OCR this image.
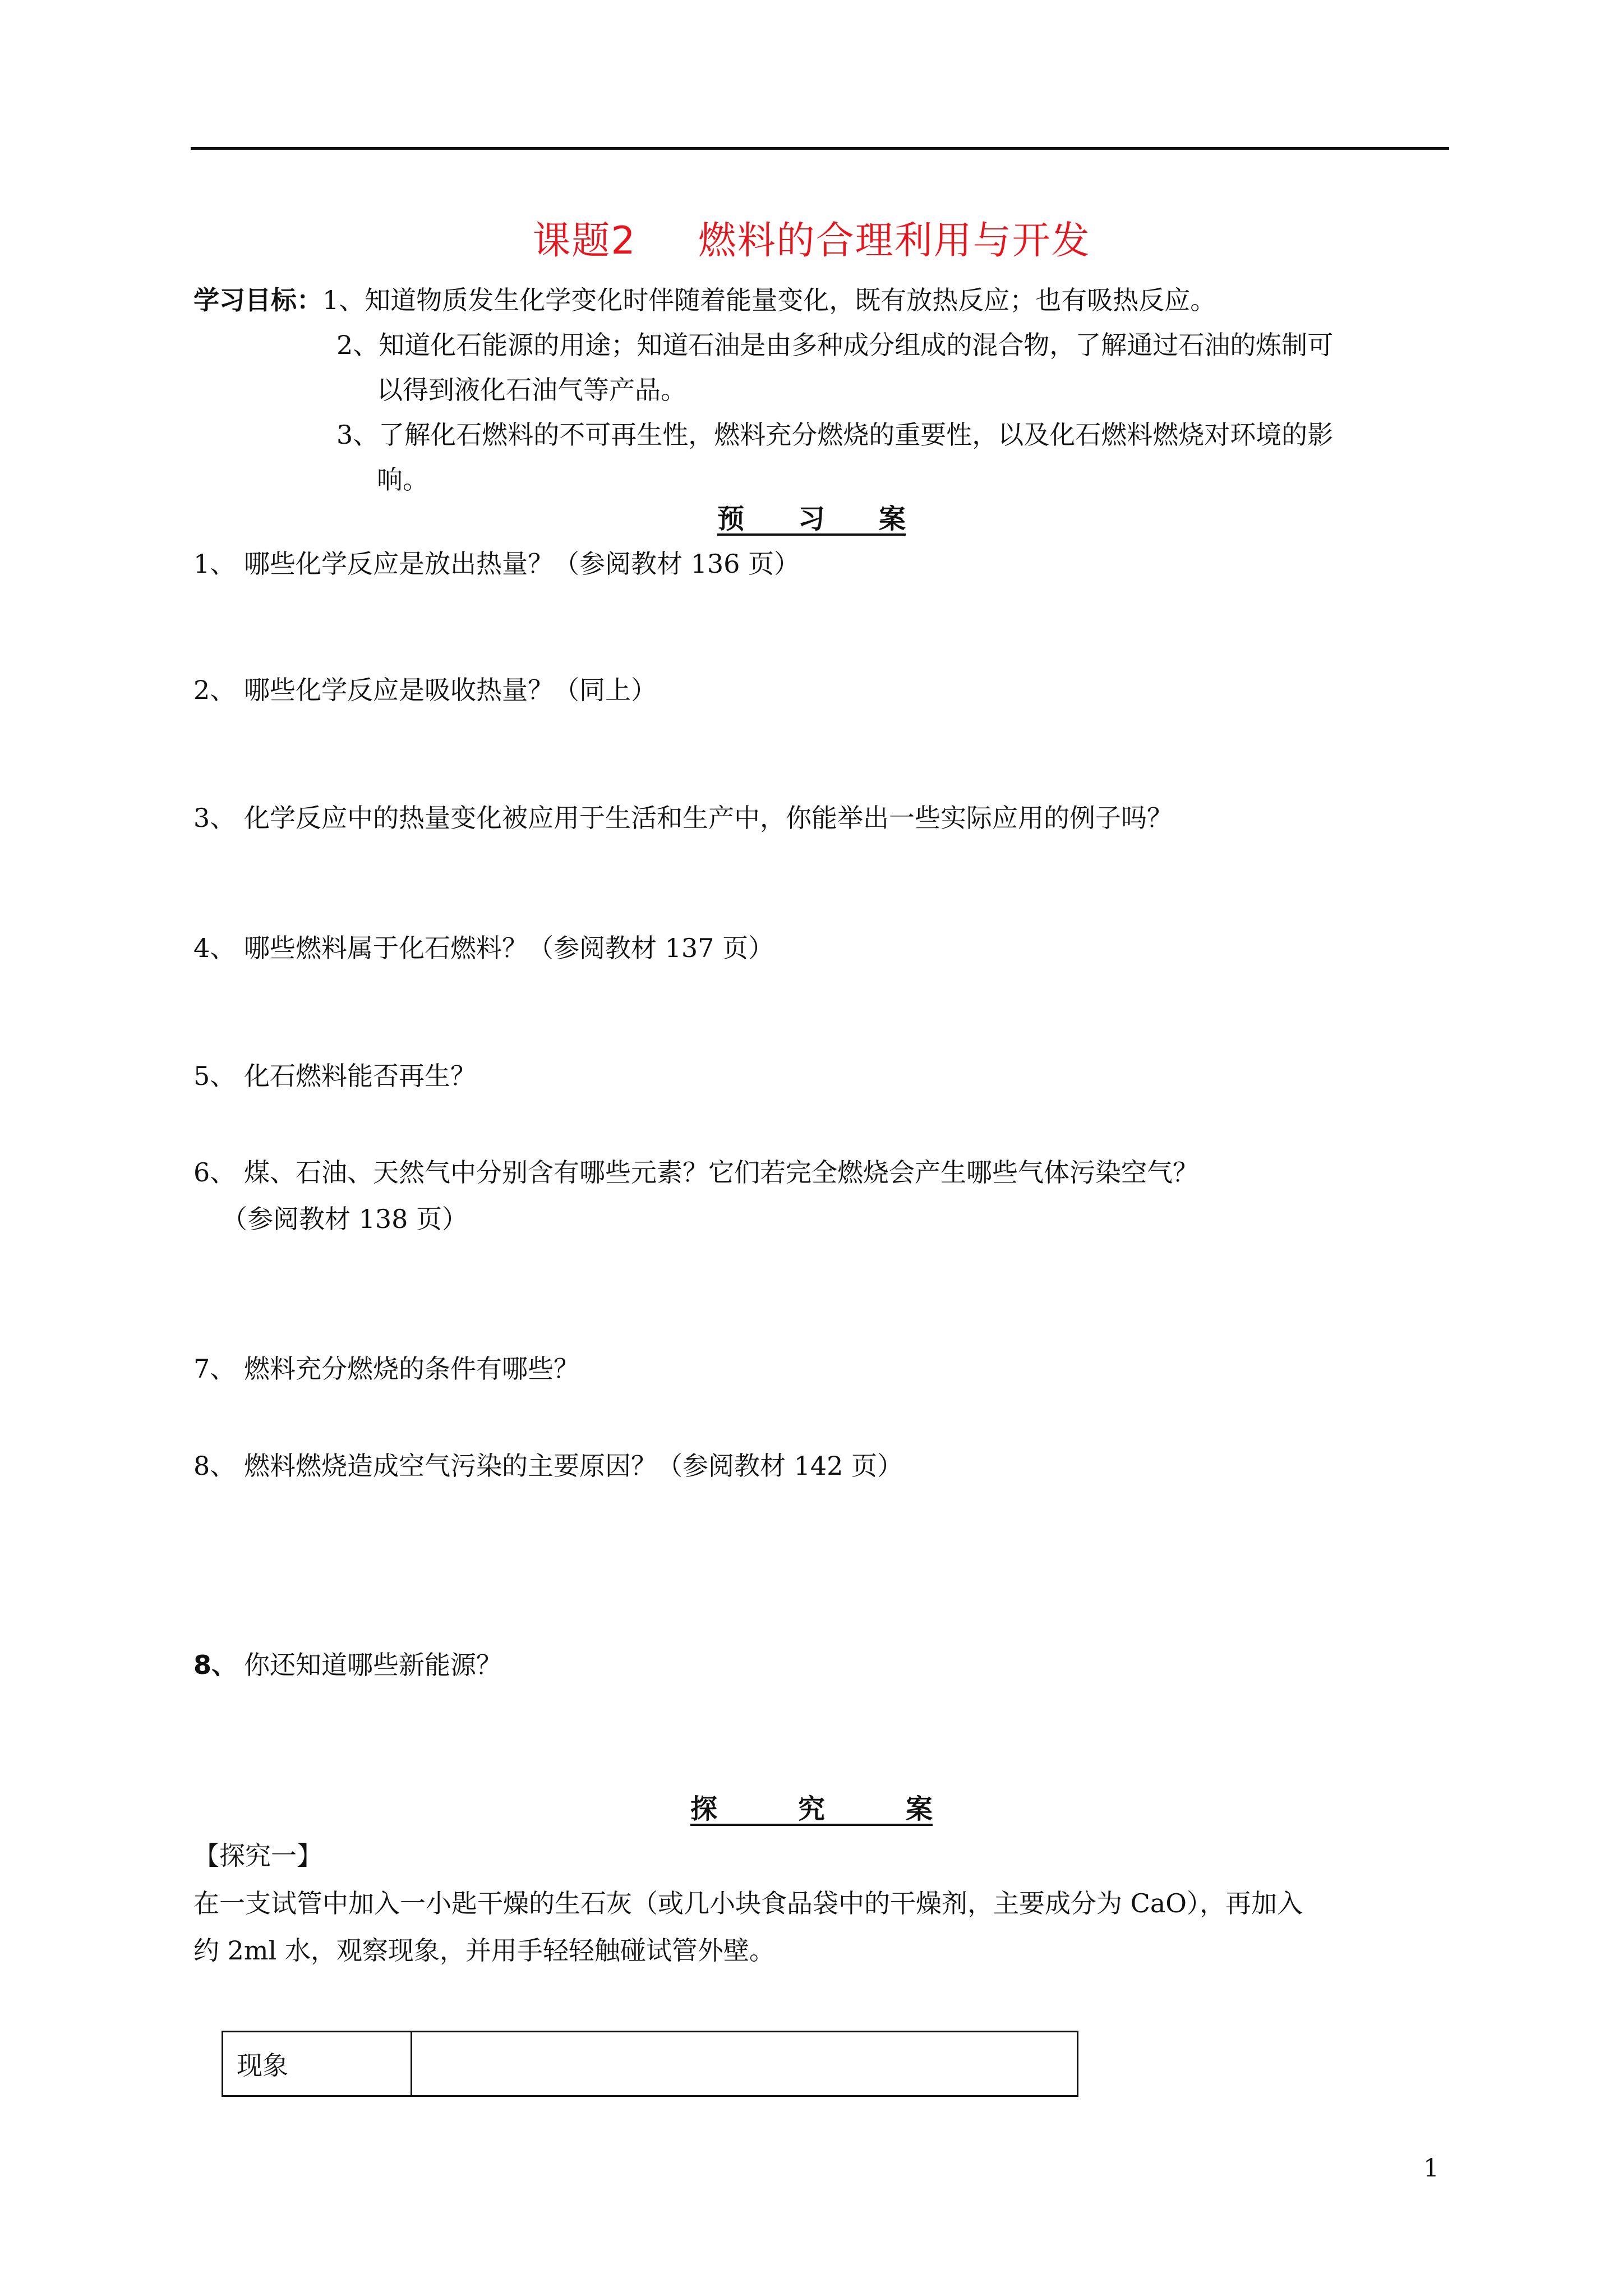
课题2 燃料的合理利用与开发
学习目标： 1、知道物质发生化学变化时伴随着能量变化，既有放热反应；也有吸热反应。
2、知道化石能源的用途；知道石油是由多种成分组成的混合物，了解通过石油的炼制可
以得到液化石油气等产品。
3、了解化石燃料的不可再生性，燃料充分燃烧的重要性，以及化石燃料燃烧对环境的影
响。
预　　习　　案
1、 哪些化学反应是放出热量？（参阅教材 136 页）
2、 哪些化学反应是吸收热量？（同上）
3、 化学反应中的热量变化被应用于生活和生产中，你能举出一些实际应用的例子吗？
4、 哪些燃料属于化石燃料？（参阅教材 137 页）
5、 化石燃料能否再生？
6、 煤、石油、天然气中分别含有哪些元素？它们若完全燃烧会产生哪些气体污染空气？
（参阅教材 138 页）
7、 燃料充分燃烧的条件有哪些？
8、 燃料燃烧造成空气污染的主要原因？（参阅教材 142 页）
8、 你还知道哪些新能源？
探　　　究　　　案
【探究一】
在一支试管中加入一小匙干燥的生石灰（或几小块食品袋中的干燥剂，主要成分为 CaO），再加入
约 2ml 水，观察现象，并用手轻轻触碰试管外壁。
现象	
1
